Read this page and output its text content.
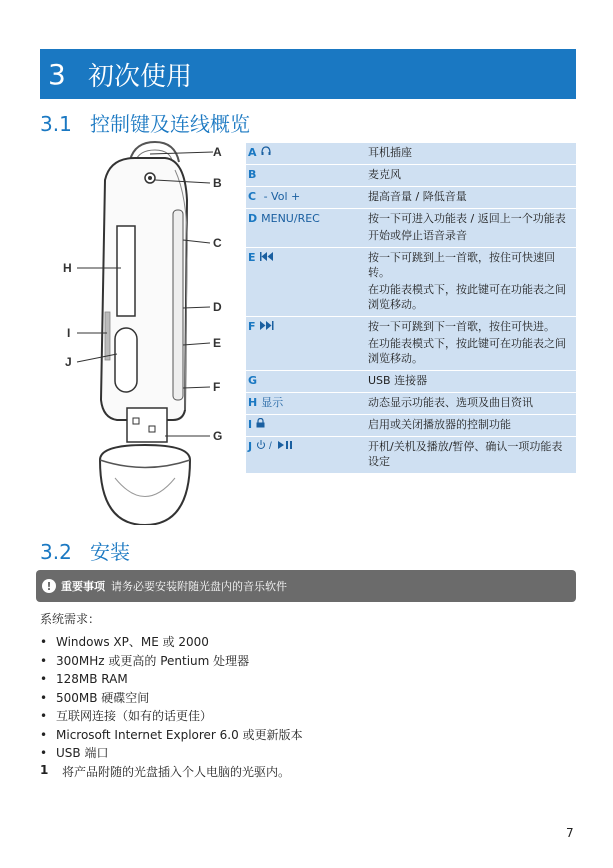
3 初次使用
3.1 控制键及连线概览
A
B
C
D
E
F
G
H
I
J
A	耳机插座

B	麦克风

C - Vol +	提高音量 / 降低音量

D MENU/REC	按一下可进入功能表 / 返回上一个功能表

开始或停止语音录音

E	按一下可跳到上一首歌，按住可快速回转。

在功能表模式下，按此键可在功能表之间浏览移动。

F	按一下可跳到下一首歌，按住可快进。

在功能表模式下，按此键可在功能表之间浏览移动。

G	USB 连接器

H 显示	动态显示功能表、选项及曲目资讯

I	启用或关闭播放器的控制功能

J /	开机/关机及播放/暂停、确认一项功能表设定

3.2 安装
! 重要事项 请务必要安装附随光盘内的音乐软件
系统需求：
• Windows XP、ME 或 2000
• 300MHz 或更高的 Pentium 处理器
• 128MB RAM
• 500MB 硬碟空间
• 互联网连接（如有的话更佳）
• Microsoft Internet Explorer 6.0 或更新版本
• USB 端口
1	将产品附随的光盘插入个人电脑的光驱内。
7
